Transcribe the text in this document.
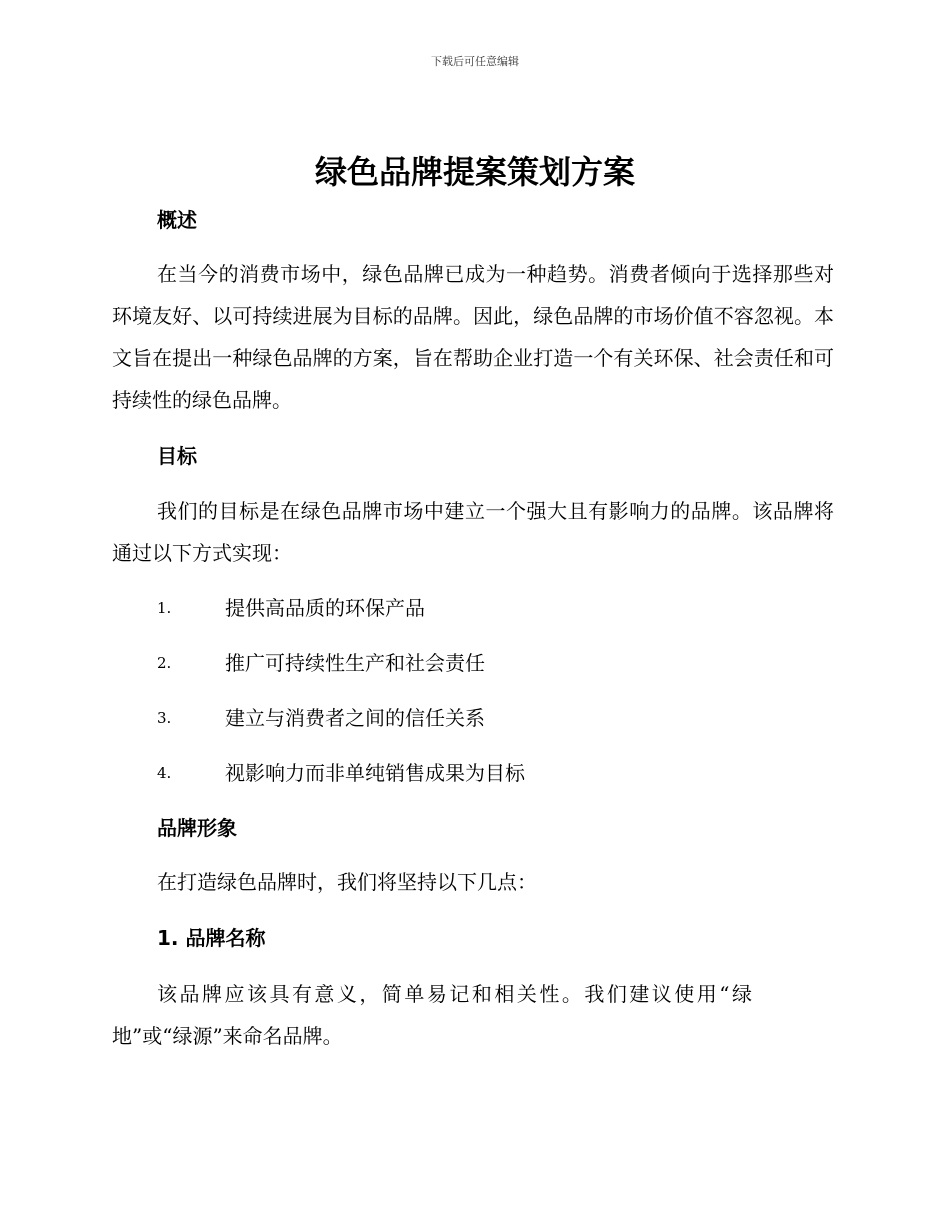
下载后可任意编辑
绿色品牌提案策划方案
概述
在当今的消费市场中，绿色品牌已成为一种趋势。消费者倾向于选择那些对环境友好、以可持续进展为目标的品牌。因此，绿色品牌的市场价值不容忽视。本文旨在提出一种绿色品牌的方案，旨在帮助企业打造一个有关环保、社会责任和可持续性的绿色品牌。
目标
我们的目标是在绿色品牌市场中建立一个强大且有影响力的品牌。该品牌将通过以下方式实现：
1.	提供高品质的环保产品
2.	推广可持续性生产和社会责任
3.	建立与消费者之间的信任关系
4.	视影响力而非单纯销售成果为目标
品牌形象
在打造绿色品牌时，我们将坚持以下几点：
1. 品牌名称
该品牌应该具有意义，简单易记和相关性。我们建议使用“绿地”或“绿源”来命名品牌。
